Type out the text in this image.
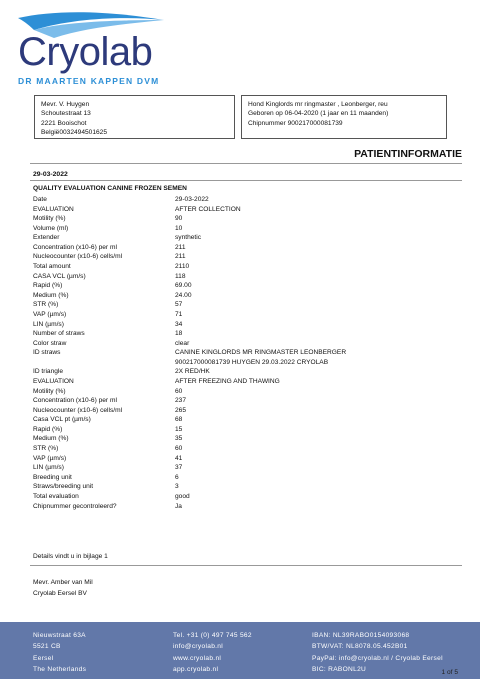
Cryolab
DR MAARTEN KAPPEN DVM
Mevr. V. Huygen
Schoutestraat 13
2221 Booischot
België0032494501625
Hond Kinglords mr ringmaster , Leonberger, reu
Geboren op 06-04-2020 (1 jaar en 11 maanden)
Chipnummer 900217000081739
PATIENTINFORMATIE
29-03-2022
QUALITY EVALUATION CANINE FROZEN SEMEN
Date	29-03-2022
EVALUATION	AFTER COLLECTION
Motility (%)	90
Volume (ml)	10
Extender	synthetic
Concentration (x10-6) per ml	211
Nucleocounter (x10-6) cells/ml	211
Total amount	2110
CASA VCL (µm/s)	118
Rapid (%)	69.00
Medium (%)	24.00
STR (%)	57
VAP (µm/s)	71
LIN (µm/s)	34
Number of straws	18
Color straw	clear
ID straws	CANINE KINGLORDS MR RINGMASTER LEONBERGER
900217000081739 HUYGEN 29.03.2022 CRYOLAB
ID triangle	2X RED/HK
EVALUATION	AFTER FREEZING AND THAWING
Motility (%)	60
Concentration (x10-6) per ml	237
Nucleocounter (x10-6) cells/ml	265
Casa VCL pt (µm/s)	68
Rapid (%)	15
Medium (%)	35
STR (%)	60
VAP (µm/s)	41
LIN (µm/s)	37
Breeding unit	6
Straws/breeding unit	3
Total evaluation	good
Chipnummer gecontroleerd?	Ja
Details vindt u in bijlage 1
Mevr. Amber van Mil
Cryolab Eersel BV
Nieuwstraat 63A
5521 CB
Eersel
The Netherlands
Tel. +31 (0) 497 745 562
info@cryolab.nl
www.cryolab.nl
app.cryolab.nl
IBAN: NL39RABO0154093068
BTW/VAT: NL8078.05.452B01
PayPal: info@cryolab.nl / Cryolab Eersel
BIC: RABONL2U	1 of 5
